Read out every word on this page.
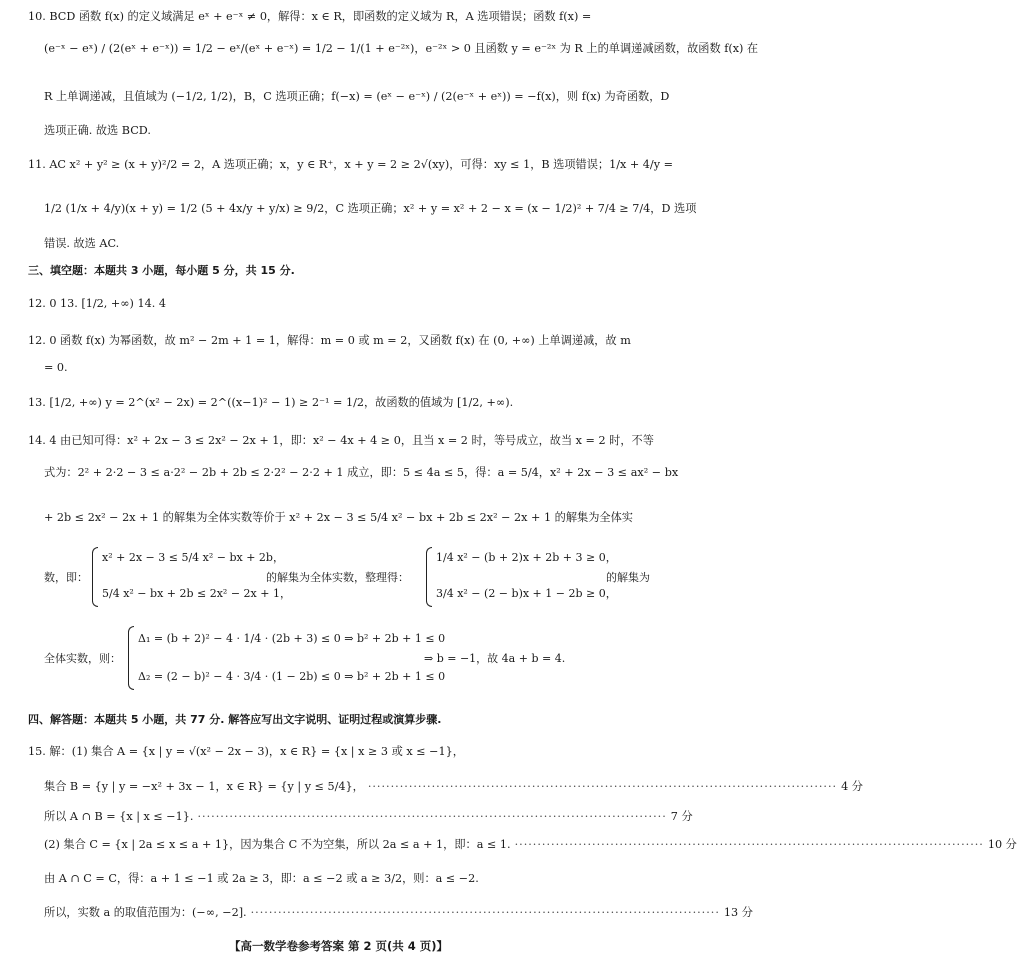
10. BCD 函数 f(x) 的定义域满足 eˣ + e⁻ˣ ≠ 0，解得：x ∈ R，即函数的定义域为 R，A 选项错误；函数 f(x) =
(e⁻ˣ − eˣ) / (2(eˣ + e⁻ˣ)) = 1/2 − eˣ/(eˣ + e⁻ˣ) = 1/2 − 1/(1 + e⁻²ˣ)，e⁻²ˣ > 0 且函数 y = e⁻²ˣ 为 R 上的单调递减函数，故函数 f(x) 在
R 上单调递减，且值域为 (−1/2, 1/2)，B，C 选项正确；f(−x) = (eˣ − e⁻ˣ) / (2(e⁻ˣ + eˣ)) = −f(x)，则 f(x) 为奇函数，D
选项正确. 故选 BCD.
11. AC x² + y² ≥ (x + y)²/2 = 2，A 选项正确；x，y ∈ R⁺，x + y = 2 ≥ 2√(xy)，可得：xy ≤ 1，B 选项错误；1/x + 4/y =
1/2 (1/x + 4/y)(x + y) = 1/2 (5 + 4x/y + y/x) ≥ 9/2，C 选项正确；x² + y = x² + 2 − x = (x − 1/2)² + 7/4 ≥ 7/4，D 选项
错误. 故选 AC.
三、填空题：本题共 3 小题，每小题 5 分，共 15 分.
12. 0 13. [1/2, +∞) 14. 4
12. 0 函数 f(x) 为幂函数，故 m² − 2m + 1 = 1，解得：m = 0 或 m = 2，又函数 f(x) 在 (0, +∞) 上单调递减，故 m
= 0.
13. [1/2, +∞) y = 2^(x² − 2x) = 2^((x−1)² − 1) ≥ 2⁻¹ = 1/2，故函数的值域为 [1/2, +∞).
14. 4 由已知可得：x² + 2x − 3 ≤ 2x² − 2x + 1，即：x² − 4x + 4 ≥ 0，且当 x = 2 时，等号成立，故当 x = 2 时，不等
式为：2² + 2·2 − 3 ≤ a·2² − 2b + 2b ≤ 2·2² − 2·2 + 1 成立，即：5 ≤ 4a ≤ 5，得：a = 5/4，x² + 2x − 3 ≤ ax² − bx
+ 2b ≤ 2x² − 2x + 1 的解集为全体实数等价于 x² + 2x − 3 ≤ 5/4 x² − bx + 2b ≤ 2x² − 2x + 1 的解集为全体实
数，即：
x² + 2x − 3 ≤ 5/4 x² − bx + 2b，
5/4 x² − bx + 2b ≤ 2x² − 2x + 1，
的解集为全体实数，整理得：
1/4 x² − (b + 2)x + 2b + 3 ≥ 0，
3/4 x² − (2 − b)x + 1 − 2b ≥ 0，
的解集为
全体实数，则：
Δ₁ = (b + 2)² − 4 · 1/4 · (2b + 3) ≤ 0 ⇒ b² + 2b + 1 ≤ 0
Δ₂ = (2 − b)² − 4 · 3/4 · (1 − 2b) ≤ 0 ⇒ b² + 2b + 1 ≤ 0
⇒ b = −1，故 4a + b = 4.
四、解答题：本题共 5 小题，共 77 分. 解答应写出文字说明、证明过程或演算步骤.
15. 解：(1) 集合 A = {x | y = √(x² − 2x − 3)，x ∈ R} = {x | x ≥ 3 或 x ≤ −1}，
集合 B = {y | y = −x² + 3x − 1，x ∈ R} = {y | y ≤ 5/4}， ······································································································· 4 分
所以 A ∩ B = {x | x ≤ −1}. ······································································································· 7 分
(2) 集合 C = {x | 2a ≤ x ≤ a + 1}，因为集合 C 不为空集，所以 2a ≤ a + 1，即：a ≤ 1. ······································································································· 10 分
由 A ∩ C = C，得：a + 1 ≤ −1 或 2a ≥ 3，即：a ≤ −2 或 a ≥ 3/2，则：a ≤ −2.
所以，实数 a 的取值范围为：(−∞, −2]. ······································································································· 13 分
【高一数学卷参考答案 第 2 页(共 4 页)】
